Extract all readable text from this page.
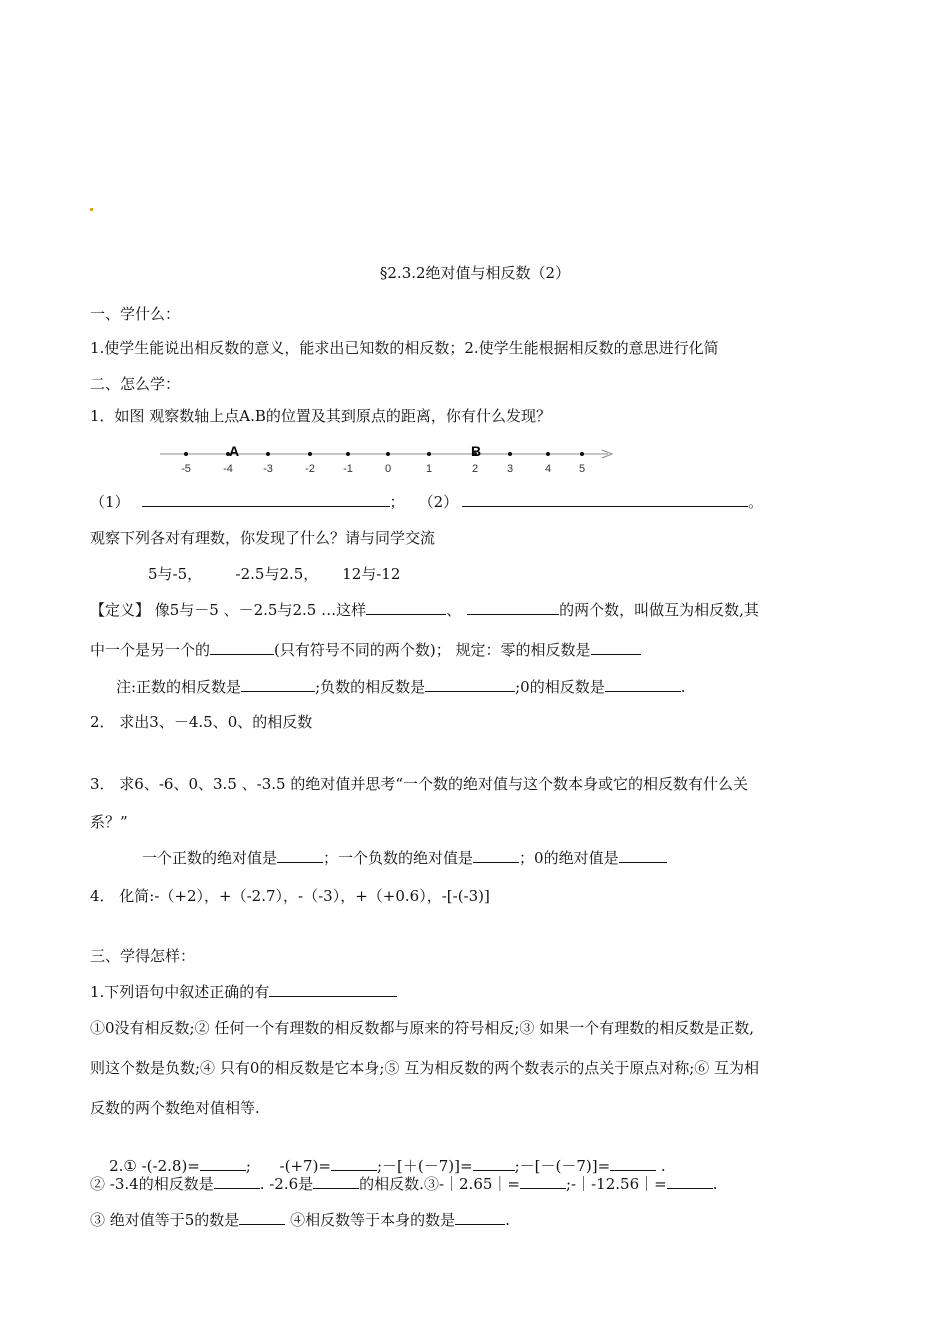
§2.3.2绝对值与相反数（2）
一、学什么：
1.使学生能说出相反数的意义，能求出已知数的相反数；2.使学生能根据相反数的意思进行化简
二、怎么学：
1．如图 观察数轴上点A.B的位置及其到原点的距离，你有什么发现？
-5	-4	-3	-2	-1	0	1	2	3	4	5
A	B
（1）	； （2）	。
观察下列各对有理数，你发现了什么？请与同学交流
5与-5，       -2.5与2.5，     12与-12
【定义】 像5与－5 、－2.5与2.5 …这样	、	的两个数，叫做互为相反数,其
中一个是另一个的	(只有符号不同的两个数)； 规定：零的相反数是
注:正数的相反数是	;负数的相反数是	;0的相反数是	.
2． 求出3、－4.5、0、的相反数
3． 求6、-6、0、3.5 、-3.5 的绝对值并思考“一个数的绝对值与这个数本身或它的相反数有什么关
系？”
一个正数的绝对值是	；一个负数的绝对值是	；0的绝对值是
4． 化简:-（+2），+（-2.7），-（-3），+（+0.6），-[-(-3)]
三、学得怎样：
1.下列语句中叙述正确的有
①0没有相反数;② 任何一个有理数的相反数都与原来的符号相反;③ 如果一个有理数的相反数是正数,
则这个数是负数;④ 只有0的相反数是它本身;⑤ 互为相反数的两个数表示的点关于原点对称;⑥ 互为相
反数的两个数绝对值相等.

2.① -(-2.8)=	;      -(+7)=	;－[＋(－7)]=	;－[－(－7)]=	.

② -3.4的相反数是	. -2.6是	的相反数.③-｜2.65｜=	;-｜-12.56｜=	.
③ 绝对值等于5的数是	④相反数等于本身的数是	.
